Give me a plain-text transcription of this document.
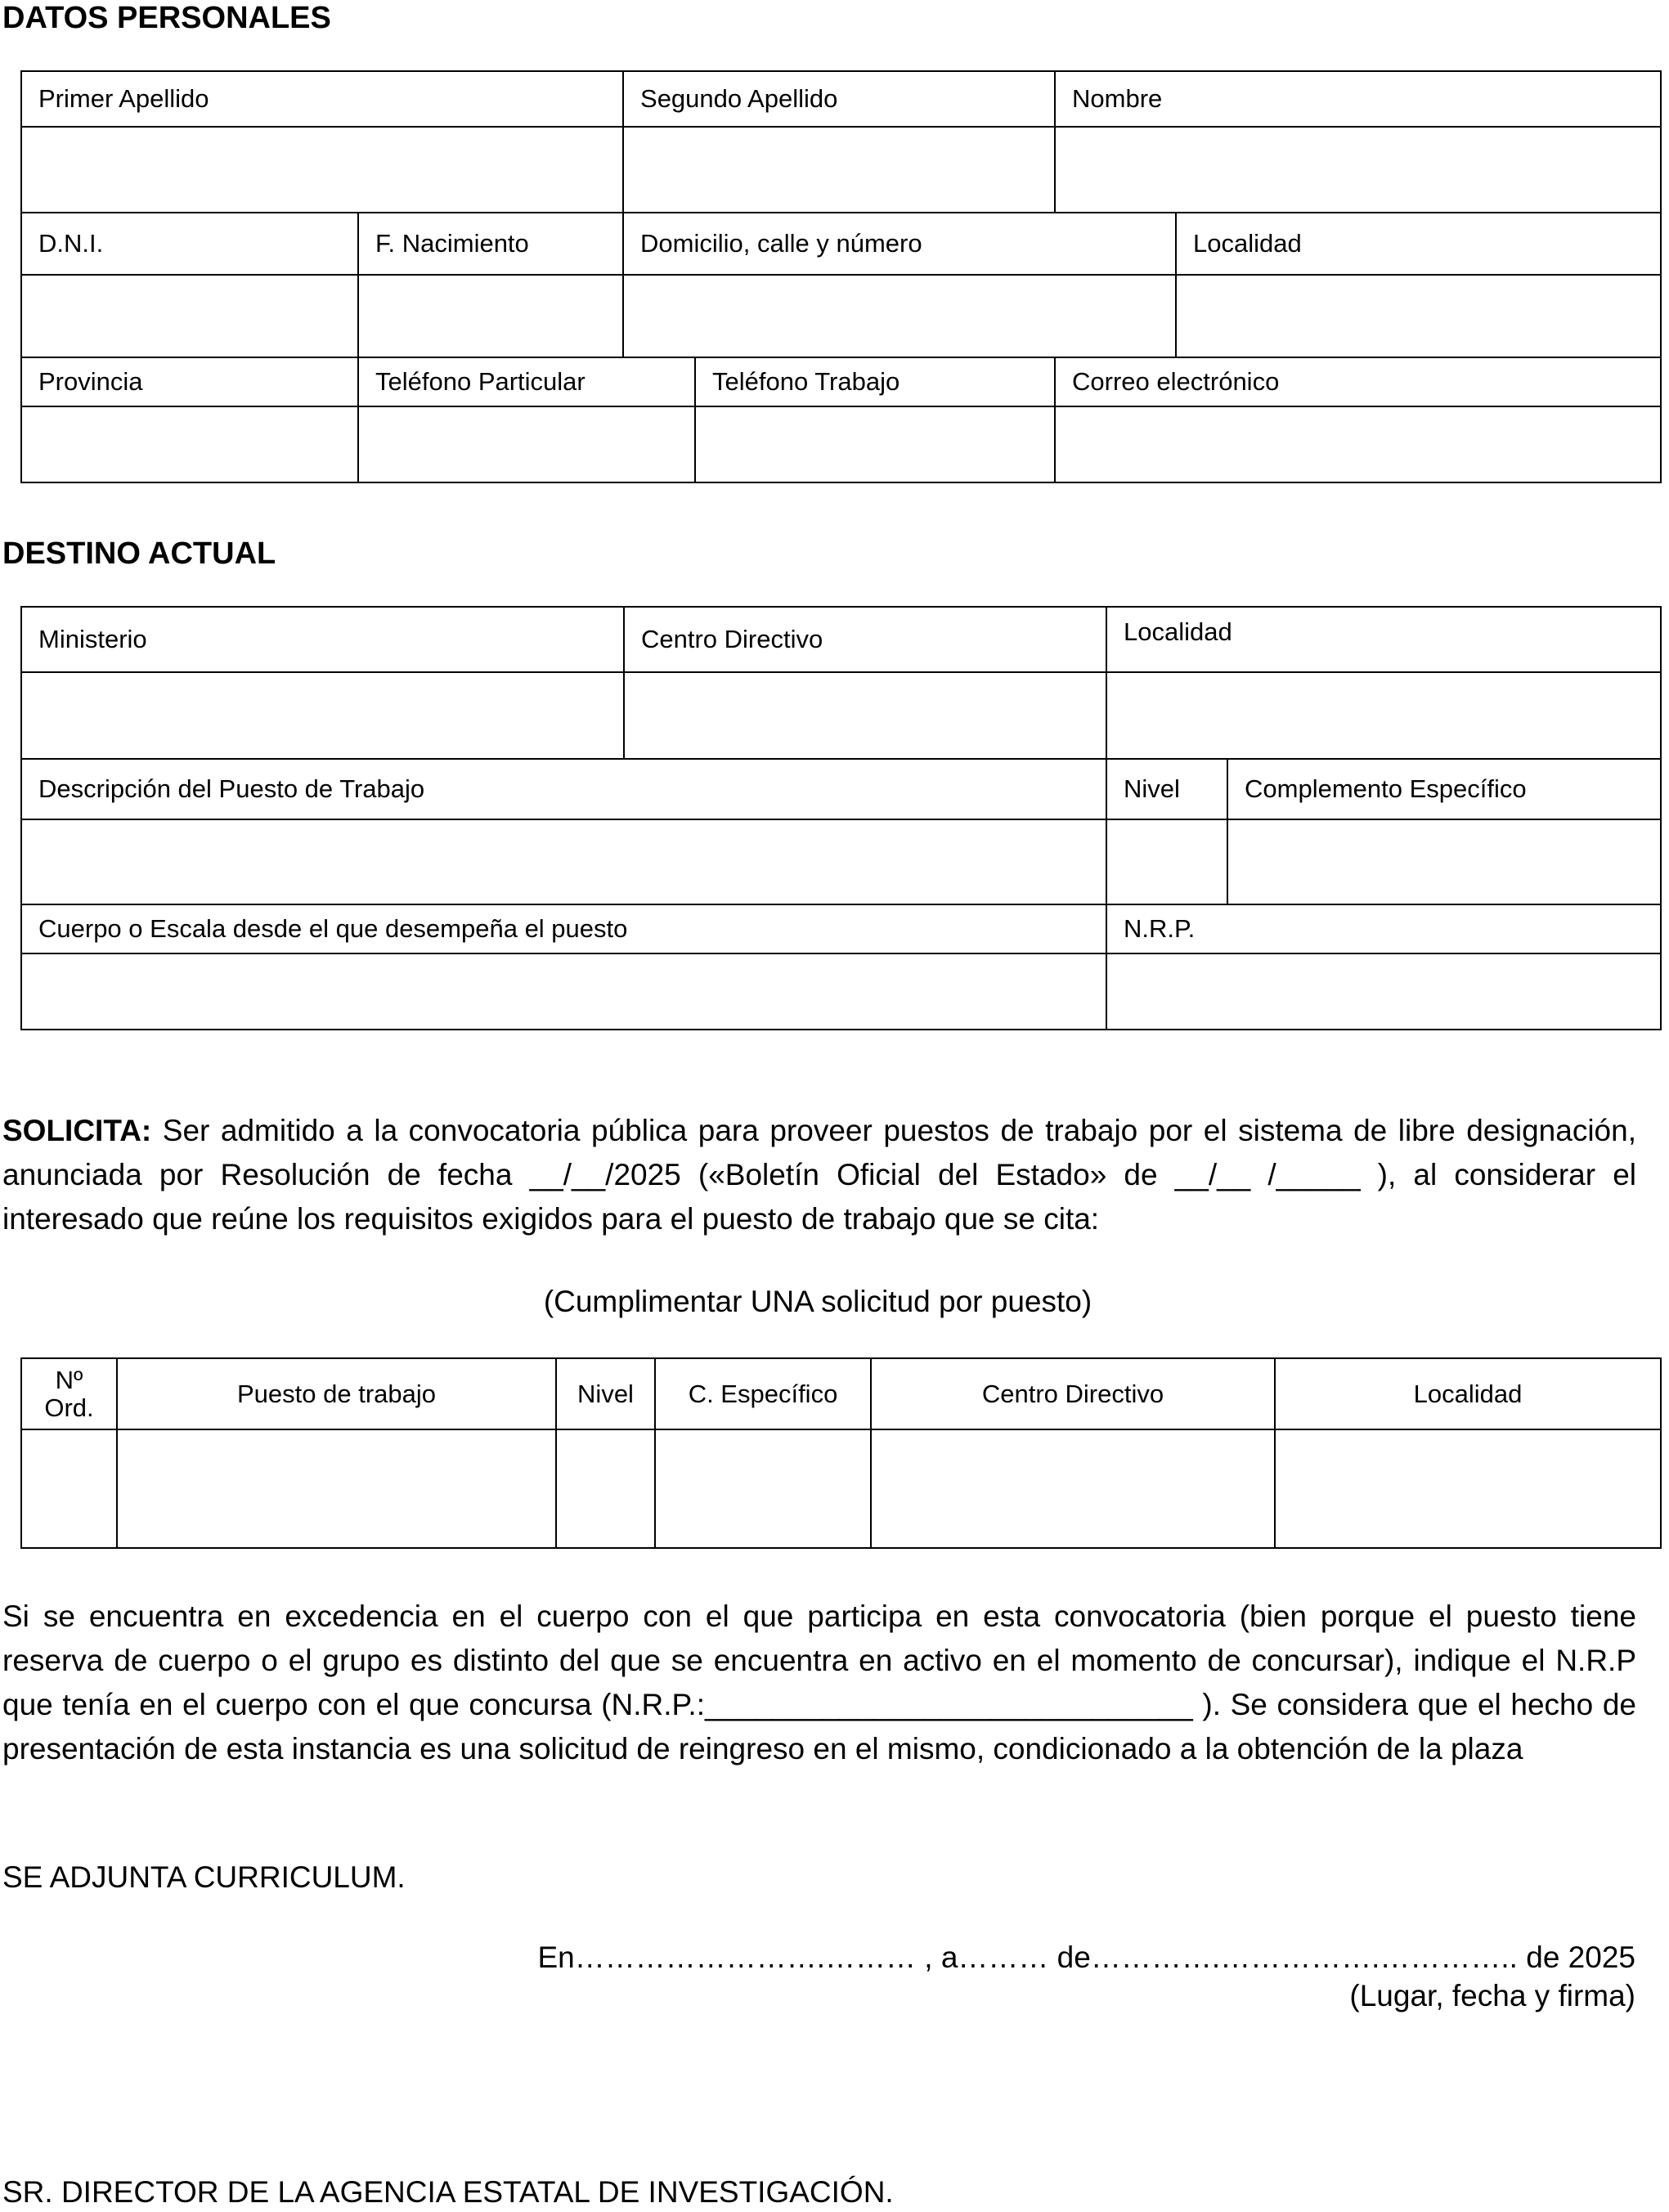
DATOS PERSONALES
Primer Apellido		Segundo Apellido		Nombre	

D.N.I.	F. Nacimiento	Domicilio, calle y número			Localidad

Provincia	Teléfono Particular		Teléfono Trabajo	Correo electrónico	

DESTINO ACTUAL
Ministerio	Centro Directivo	Localidad	

Descripción del Puesto de Trabajo		Nivel	Complemento Específico

Cuerpo o Escala desde el que desempeña el puesto		N.R.P.	

SOLICITA: Ser admitido a la convocatoria pública para proveer puestos de trabajo por el sistema de libre designación, anunciada por Resolución de fecha __/__/2025 («Boletín Oficial del Estado» de __/__ /_____ ), al considerar el interesado que reúne los requisitos exigidos para el puesto de trabajo que se cita:
(Cumplimentar UNA solicitud por puesto)
Nº Ord.	Puesto de trabajo	Nivel	C. Específico	Centro Directivo	Localidad

Si se encuentra en excedencia en el cuerpo con el que participa en esta convocatoria (bien porque el puesto tiene reserva de cuerpo o el grupo es distinto del que se encuentra en activo en el momento de concursar), indique el N.R.P que tenía en el cuerpo con el que concursa (N.R.P.:_____________________________ ). Se considera que el hecho de presentación de esta instancia es una solicitud de reingreso en el mismo, condicionado a la obtención de la plaza
SE ADJUNTA CURRICULUM.
En…………………….……… , a……… de………….…………….………….. de 2025
(Lugar, fecha y firma)
SR. DIRECTOR DE LA AGENCIA ESTATAL DE INVESTIGACIÓN.
